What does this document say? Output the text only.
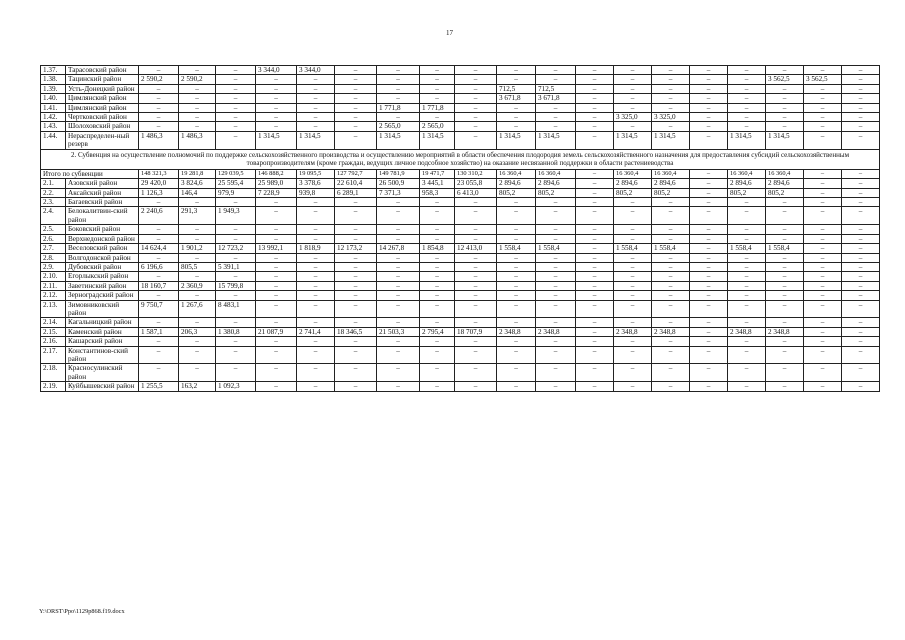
17
1.37.	Тарасовский район	–	–	–	3 344,0	3 344,0	–	–	–	–	–	–	–	–	–	–	–	–	–	–
1.38.	Тацинский район	2 590,2	2 590,2	–	–	–	–	–	–	–	–	–	–	–	–	–	–	3 562,5	3 562,5	–
1.39.	Усть-Донецкий район	–	–	–	–	–	–	–	–	–	712,5	712,5	–	–	–	–	–	–	–	–
1.40.	Цимлянский район	–	–	–	–	–	–	–	–	–	3 671,8	3 671,8	–	–	–	–	–	–	–	–
1.41.	Цимлянский район	–	–	–	–	–	–	1 771,8	1 771,8	–	–	–	–	–	–	–	–	–	–	–
1.42.	Чертковский район	–	–	–	–	–	–	–	–	–	–	–	–	3 325,0	3 325,0	–	–	–	–	–
1.43.	Шолоховский район	–	–	–	–	–	–	2 565,0	2 565,0	–	–	–	–	–	–	–	–	–	–	–
1.44.	Нераспределен-ный резерв	1 486,3	1 486,3	–	1 314,5	1 314,5	–	1 314,5	1 314,5	–	1 314,5	1 314,5	–	1 314,5	1 314,5	–	1 314,5	1 314,5	–	–
2. Субвенция на осуществление полномочий по поддержке сельскохозяйственного производства и осуществлению мероприятий в области обеспечения плодородия земель сельскохозяйственного назначения для предоставления субсидий сельскохозяйственным товаропроизводителям (кроме граждан, ведущих личное подсобное хозяйство) на оказание несвязанной поддержки в области растениеводства																				
Итого по субвенции		148 321,3	19 281,8	129 039,5	146 888,2	19 095,5	127 792,7	149 781,9	19 471,7	130 310,2	16 360,4	16 360,4	–	16 360,4	16 360,4	–	16 360,4	16 360,4	–	–
2.1.	Азовский район	29 420,0	3 824,6	25 595,4	25 989,0	3 378,6	22 610,4	26 500,9	3 445,1	23 055,8	2 894,6	2 894,6	–	2 894,6	2 894,6	–	2 894,6	2 894,6	–	–
2.2.	Аксайский район	1 126,3	146,4	979,9	7 228,9	939,8	6 289,1	7 371,3	958,3	6 413,0	805,2	805,2	–	805,2	805,2	–	805,2	805,2	–	–
2.3.	Багаевский район	–	–	–	–	–	–	–	–	–	–	–	–	–	–	–	–	–	–	–
2.4.	Белокалитвин-ский район	2 240,6	291,3	1 949,3	–	–	–	–	–	–	–	–	–	–	–	–	–	–	–	–
2.5.	Боковский район	–	–	–	–	–	–	–	–	–	–	–	–	–	–	–	–	–	–	–
2.6.	Верхнедонской район	–	–	–	–	–	–	–	–	–	–	–	–	–	–	–	–	–	–	–
2.7.	Веселовский район	14 624,4	1 901,2	12 723,2	13 992,1	1 818,9	12 173,2	14 267,8	1 854,8	12 413,0	1 558,4	1 558,4	–	1 558,4	1 558,4	–	1 558,4	1 558,4	–	–
2.8.	Волгодонской район	–	–	–	–	–	–	–	–	–	–	–	–	–	–	–	–	–	–	–
2.9.	Дубовский район	6 196,6	805,5	5 391,1	–	–	–	–	–	–	–	–	–	–	–	–	–	–	–	–
2.10.	Егорлыкский район	–	–	–	–	–	–	–	–	–	–	–	–	–	–	–	–	–	–	–
2.11.	Заветинский район	18 160,7	2 360,9	15 799,8	–	–	–	–	–	–	–	–	–	–	–	–	–	–	–	–
2.12.	Зерноградский район	–	–	–	–	–	–	–	–	–	–	–	–	–	–	–	–	–	–	–
2.13.	Зимовниковский район	9 750,7	1 267,6	8 483,1	–	–	–	–	–	–	–	–	–	–	–	–	–	–	–	–
2.14.	Кагальницкий район	–	–	–	–	–	–	–	–	–	–	–	–	–	–	–	–	–	–	–
2.15.	Каменский район	1 587,1	206,3	1 380,8	21 087,9	2 741,4	18 346,5	21 503,3	2 795,4	18 707,9	2 348,8	2 348,8	–	2 348,8	2 348,8	–	2 348,8	2 348,8	–	–
2.16.	Кашарский район	–	–	–	–	–	–	–	–	–	–	–	–	–	–	–	–	–	–	–
2.17.	Константинов-ский район	–	–	–	–	–	–	–	–	–	–	–	–	–	–	–	–	–	–	–
2.18.	Красносулинский район	–	–	–	–	–	–	–	–	–	–	–	–	–	–	–	–	–	–	–
2.19.	Куйбышевский район	1 255,5	163,2	1 092,3	–	–	–	–	–	–	–	–	–	–	–	–	–	–	–	–
Y:\ORST\Ppo\1129p868.f19.docx
